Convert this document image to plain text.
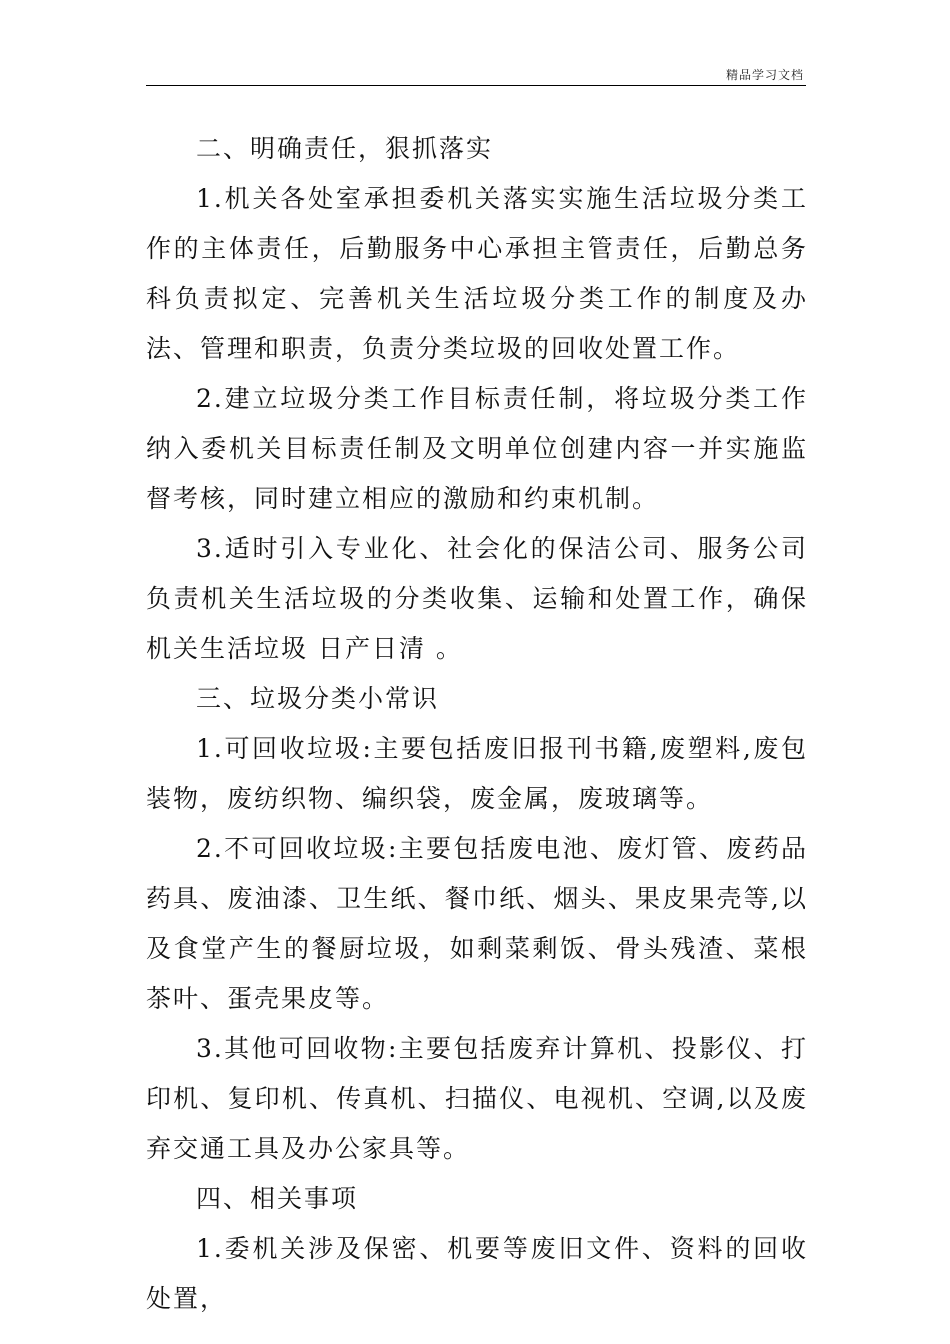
精品学习文档

二、明确责任，狠抓落实

1.机关各处室承担委机关落实实施生活垃圾分类工作的主体责任，后勤服务中心承担主管责任，后勤总务科负责拟定、完善机关生活垃圾分类工作的制度及办法、管理和职责，负责分类垃圾的回收处置工作。

2.建立垃圾分类工作目标责任制，将垃圾分类工作纳入委机关目标责任制及文明单位创建内容一并实施监督考核，同时建立相应的激励和约束机制。

3.适时引入专业化、社会化的保洁公司、服务公司负责机关生活垃圾的分类收集、运输和处置工作，确保机关生活垃圾 日产日清 。

三、垃圾分类小常识

1.可回收垃圾:主要包括废旧报刊书籍,废塑料,废包装物，废纺织物、编织袋，废金属，废玻璃等。

2.不可回收垃圾:主要包括废电池、废灯管、废药品药具、废油漆、卫生纸、餐巾纸、烟头、果皮果壳等,以及食堂产生的餐厨垃圾，如剩菜剩饭、骨头残渣、菜根茶叶、蛋壳果皮等。

3.其他可回收物:主要包括废弃计算机、投影仪、打印机、复印机、传真机、扫描仪、电视机、空调,以及废弃交通工具及办公家具等。

四、相关事项

1.委机关涉及保密、机要等废旧文件、资料的回收处置，
